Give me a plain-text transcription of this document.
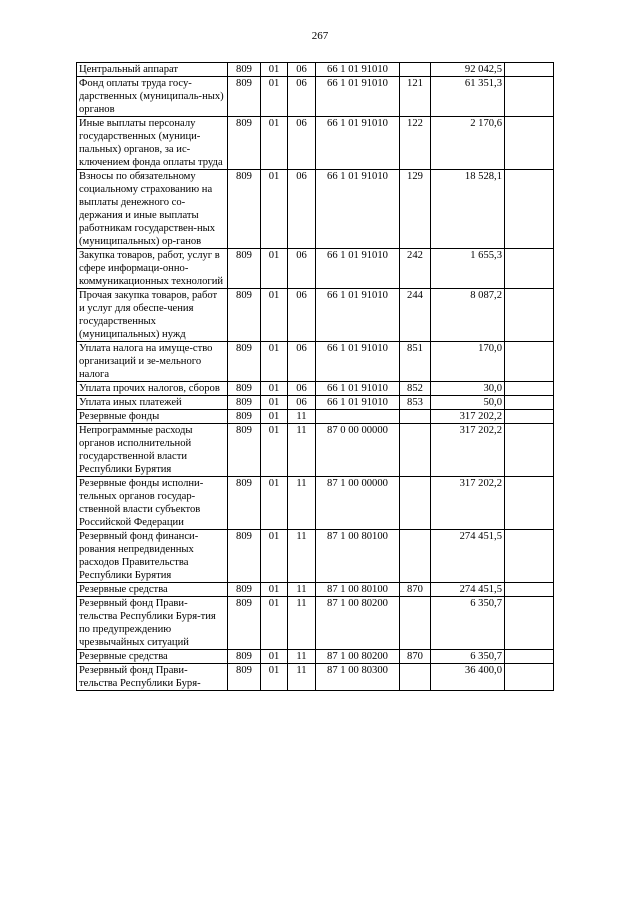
267
Центральный аппарат	809	01	06	66 1 01 91010		92 042,5	
Фонд оплаты труда госу-дарственных (муниципаль-ных) органов	809	01	06	66 1 01 91010	121	61 351,3	
Иные выплаты персоналу государственных (муници-пальных) органов, за ис-ключением фонда оплаты труда	809	01	06	66 1 01 91010	122	2 170,6	
Взносы по обязательному социальному страхованию на выплаты денежного со-держания и иные выплаты работникам государствен-ных (муниципальных) ор-ганов	809	01	06	66 1 01 91010	129	18 528,1	
Закупка товаров, работ, услуг в сфере информаци-онно-коммуникационных технологий	809	01	06	66 1 01 91010	242	1 655,3	
Прочая закупка товаров, работ и услуг для обеспе-чения государственных (муниципальных) нужд	809	01	06	66 1 01 91010	244	8 087,2	
Уплата налога на имуще-ство организаций и зе-мельного налога	809	01	06	66 1 01 91010	851	170,0	
Уплата прочих налогов, сборов	809	01	06	66 1 01 91010	852	30,0	
Уплата иных платежей	809	01	06	66 1 01 91010	853	50,0	
Резервные фонды	809	01	11			317 202,2	
Непрограммные расходы органов исполнительной государственной власти Республики Бурятия	809	01	11	87 0 00 00000		317 202,2	
Резервные фонды исполни-тельных органов государ-ственной власти субъектов Российской Федерации	809	01	11	87 1 00 00000		317 202,2	
Резервный фонд финанси-рования непредвиденных расходов Правительства Республики Бурятия	809	01	11	87 1 00 80100		274 451,5	
Резервные средства	809	01	11	87 1 00 80100	870	274 451,5	
Резервный фонд Прави-тельства Республики Буря-тия по предупреждению чрезвычайных ситуаций	809	01	11	87 1 00 80200		6 350,7	
Резервные средства	809	01	11	87 1 00 80200	870	6 350,7	
Резервный фонд Прави-тельства Республики Буря-	809	01	11	87 1 00 80300		36 400,0	
